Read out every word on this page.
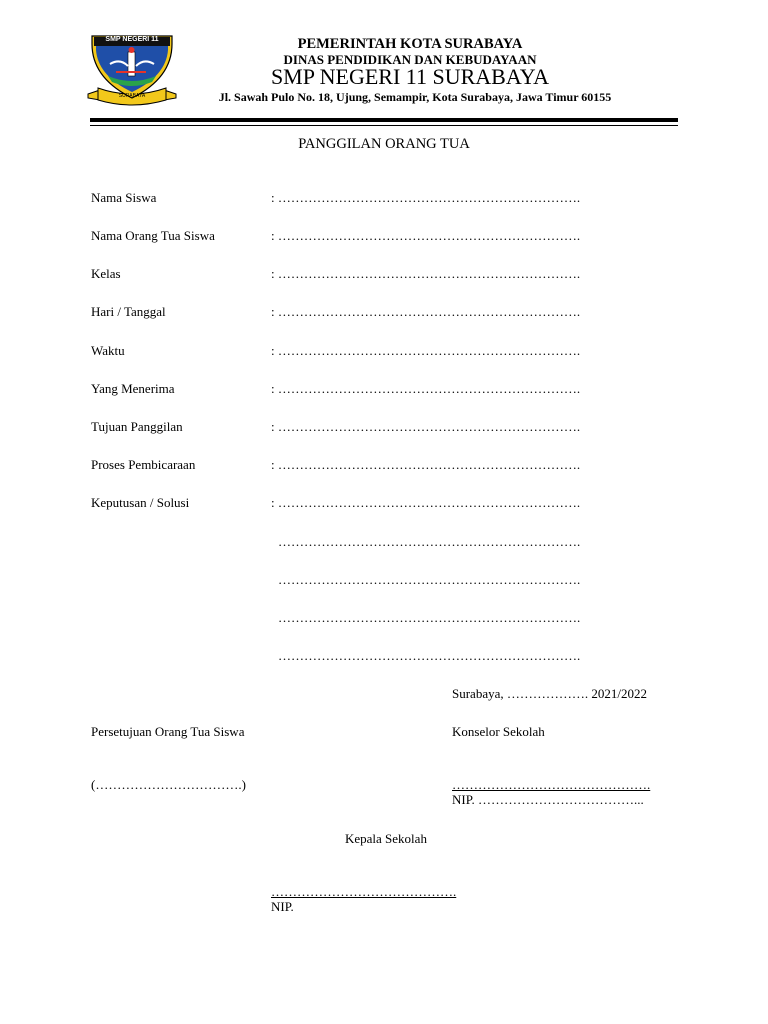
SMP NEGERI 11
SURABAYA
PEMERINTAH KOTA SURABAYA
DINAS PENDIDIKAN DAN KEBUDAYAAN
SMP NEGERI 11 SURABAYA
Jl. Sawah Pulo No. 18, Ujung, Semampir, Kota Surabaya, Jawa Timur 60155
PANGGILAN ORANG TUA
Nama Siswa	: …………………………………………………………….
Nama Orang Tua Siswa	: …………………………………………………………….
Kelas	: …………………………………………………………….
Hari / Tanggal	: …………………………………………………………….
Waktu	: …………………………………………………………….
Yang Menerima	: …………………………………………………………….
Tujuan Panggilan	: …………………………………………………………….
Proses Pembicaraan	: …………………………………………………………….
Keputusan / Solusi	: …………………………………………………………….
…………………………………………………………….
…………………………………………………………….
…………………………………………………………….
…………………………………………………………….
Surabaya, ………………. 2021/2022
Persetujuan Orang Tua Siswa	Konselor Sekolah
(…………………………….)	……………………………………….
NIP. ………………………………...
Kepala Sekolah
…………………………………….
NIP.
